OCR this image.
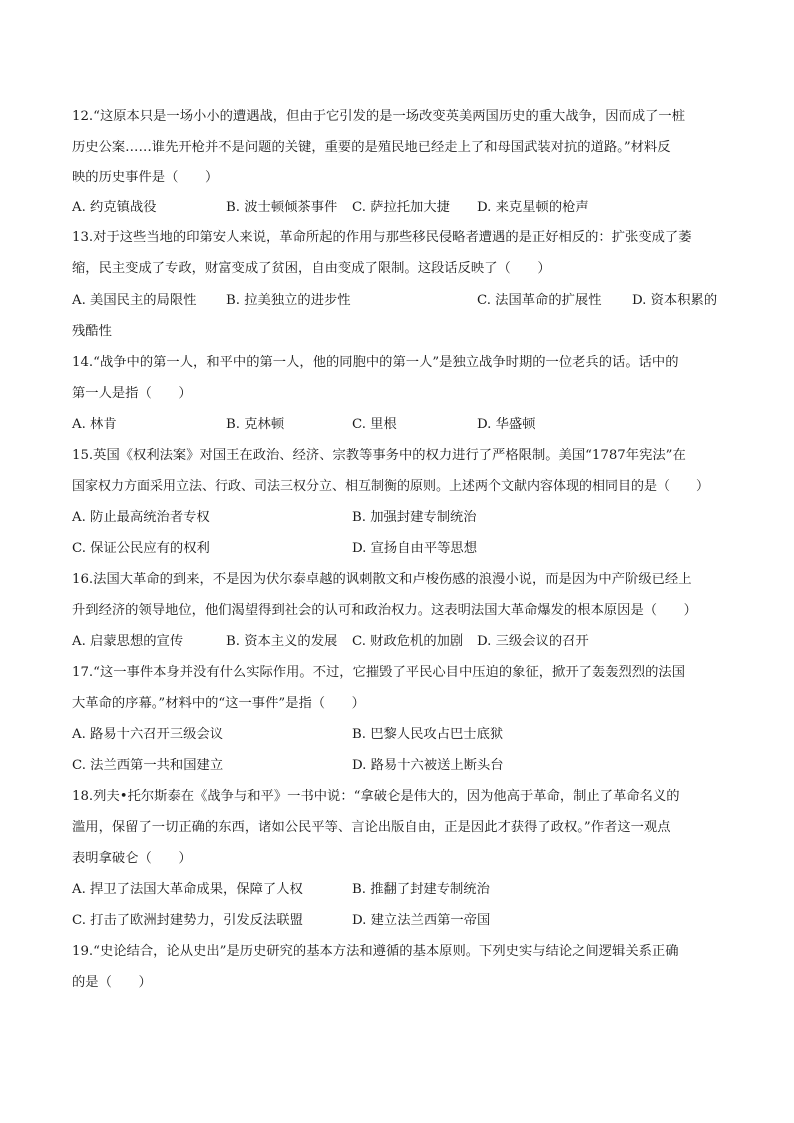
12.“这原本只是一场小小的遭遇战，但由于它引发的是一场改变英美两国历史的重大战争，因而成了一桩
历史公案……谁先开枪并不是问题的关键，重要的是殖民地已经走上了和母国武装对抗的道路。”材料反
映的历史事件是（　　）
A. 约克镇战役	B. 波士顿倾茶事件 C. 萨拉托加大捷 D. 来克星顿的枪声
13.对于这些当地的印第安人来说，革命所起的作用与那些移民侵略者遭遇的是正好相反的：扩张变成了萎
缩，民主变成了专政，财富变成了贫困，自由变成了限制。这段话反映了（　　）
A. 美国民主的局限性 B. 拉美独立的进步性	C. 法国革命的扩展性 D. 资本积累的
残酷性
14.“战争中的第一人，和平中的第一人，他的同胞中的第一人”是独立战争时期的一位老兵的话。话中的
第一人是指（　　）
A. 林肯	B. 克林顿	C. 里根	D. 华盛顿
15.英国《权利法案》对国王在政治、经济、宗教等事务中的权力进行了严格限制。美国“1787年宪法”在
国家权力方面采用立法、行政、司法三权分立、相互制衡的原则。上述两个文献内容体现的相同目的是（　　）
A. 防止最高统治者专权	B. 加强封建专制统治
C. 保证公民应有的权利	D. 宣扬自由平等思想
16.法国大革命的到来，不是因为伏尔泰卓越的讽刺散文和卢梭伤感的浪漫小说，而是因为中产阶级已经上
升到经济的领导地位，他们渴望得到社会的认可和政治权力。这表明法国大革命爆发的根本原因是（　　）
A. 启蒙思想的宣传	B. 资本主义的发展 C. 财政危机的加剧 D. 三级会议的召开
17.“这一事件本身并没有什么实际作用。不过，它摧毁了平民心目中压迫的象征，掀开了轰轰烈烈的法国
大革命的序幕。”材料中的“这一事件”是指（　　）
A. 路易十六召开三级会议	B. 巴黎人民攻占巴士底狱
C. 法兰西第一共和国建立	D. 路易十六被送上断头台
18.列夫•托尔斯泰在《战争与和平》一书中说：“拿破仑是伟大的，因为他高于革命，制止了革命名义的
滥用，保留了一切正确的东西，诸如公民平等、言论出版自由，正是因此才获得了政权。”作者这一观点
表明拿破仑（　　）
A. 捍卫了法国大革命成果，保障了人权	B. 推翻了封建专制统治
C. 打击了欧洲封建势力，引发反法联盟	D. 建立法兰西第一帝国
19.“史论结合，论从史出”是历史研究的基本方法和遵循的基本原则。下列史实与结论之间逻辑关系正确
的是（　　）
